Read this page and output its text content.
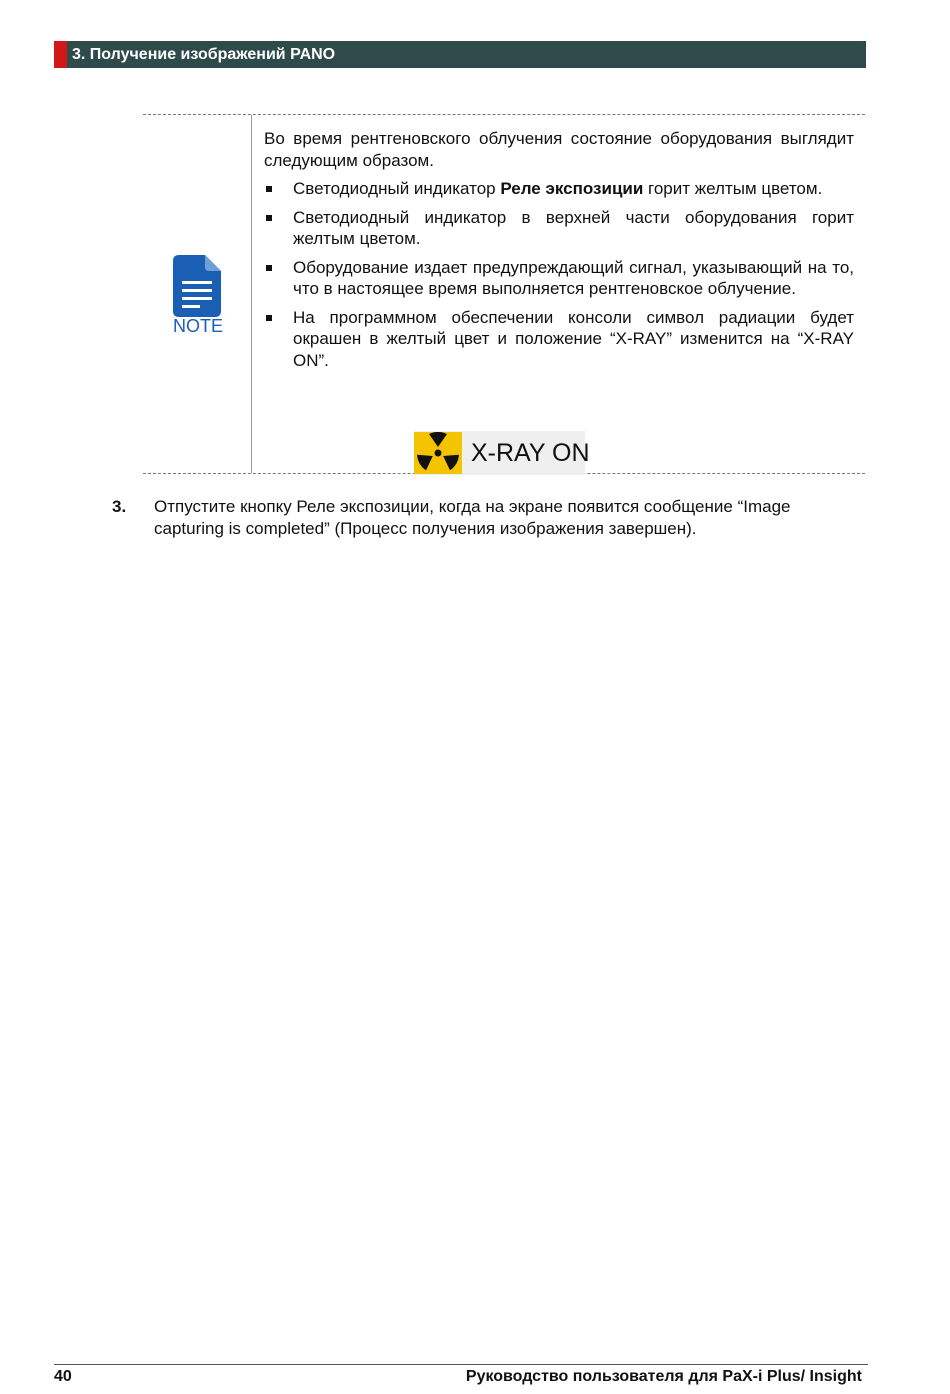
3. Получение изображений PANO
NOTE

Во время рентгеновского облучения состояние оборудования выглядит следующим образом.

Светодиодный индикатор Реле экспозиции горит желтым цветом.
Светодиодный индикатор в верхней части оборудования горит желтым цветом.
Оборудование издает предупреждающий сигнал, указывающий на то, что в настоящее время выполняется рентгеновское облучение.
На программном обеспечении консоли символ радиации будет окрашен в желтый цвет и положение “X-RAY” изменится на “X-RAY ON”.
X-RAY ON
3. Отпустите кнопку Реле экспозиции, когда на экране появится сообщение “Image capturing is completed” (Процесс получения изображения завершен).
40	Руководство пользователя для PaX-i Plus/ Insight
